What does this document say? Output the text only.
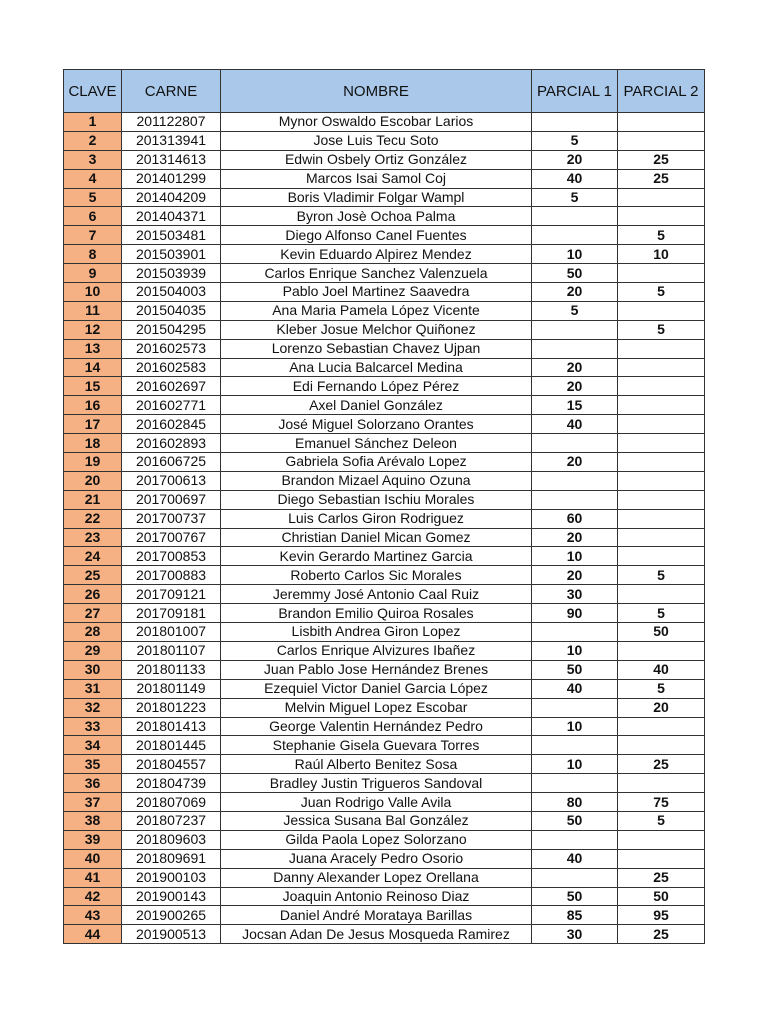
CLAVE	CARNE	NOMBRE	PARCIAL 1	PARCIAL 2
1	201122807	Mynor Oswaldo Escobar Larios		
2	201313941	Jose Luis Tecu Soto	5	
3	201314613	Edwin Osbely Ortiz González	20	25
4	201401299	Marcos Isai Samol Coj	40	25
5	201404209	Boris Vladimir Folgar Wampl	5	
6	201404371	Byron Josè Ochoa Palma		
7	201503481	Diego Alfonso Canel Fuentes		5
8	201503901	Kevin Eduardo Alpirez Mendez	10	10
9	201503939	Carlos Enrique Sanchez Valenzuela	50	
10	201504003	Pablo Joel Martinez Saavedra	20	5
11	201504035	Ana Maria Pamela López Vicente	5	
12	201504295	Kleber Josue Melchor Quiñonez		5
13	201602573	Lorenzo Sebastian Chavez Ujpan		
14	201602583	Ana Lucia Balcarcel Medina	20	
15	201602697	Edi Fernando López Pérez	20	
16	201602771	Axel Daniel González	15	
17	201602845	José Miguel Solorzano Orantes	40	
18	201602893	Emanuel Sánchez Deleon		
19	201606725	Gabriela Sofia Arévalo Lopez	20	
20	201700613	Brandon Mizael Aquino Ozuna		
21	201700697	Diego Sebastian Ischiu Morales		
22	201700737	Luis Carlos Giron Rodriguez	60	
23	201700767	Christian Daniel Mican Gomez	20	
24	201700853	Kevin Gerardo Martinez Garcia	10	
25	201700883	Roberto Carlos Sic Morales	20	5
26	201709121	Jeremmy José Antonio Caal Ruiz	30	
27	201709181	Brandon Emilio Quiroa Rosales	90	5
28	201801007	Lisbith Andrea Giron Lopez		50
29	201801107	Carlos Enrique Alvizures Ibañez	10	
30	201801133	Juan Pablo Jose Hernández Brenes	50	40
31	201801149	Ezequiel Victor Daniel Garcia López	40	5
32	201801223	Melvin Miguel Lopez Escobar		20
33	201801413	George Valentin Hernández Pedro	10	
34	201801445	Stephanie Gisela Guevara Torres		
35	201804557	Raúl Alberto Benitez Sosa	10	25
36	201804739	Bradley Justin Trigueros Sandoval		
37	201807069	Juan Rodrigo Valle Avila	80	75
38	201807237	Jessica Susana Bal González	50	5
39	201809603	Gilda Paola Lopez Solorzano		
40	201809691	Juana Aracely Pedro Osorio	40	
41	201900103	Danny Alexander Lopez Orellana		25
42	201900143	Joaquin Antonio Reinoso Diaz	50	50
43	201900265	Daniel André Morataya Barillas	85	95
44	201900513	Jocsan Adan De Jesus Mosqueda Ramirez	30	25
